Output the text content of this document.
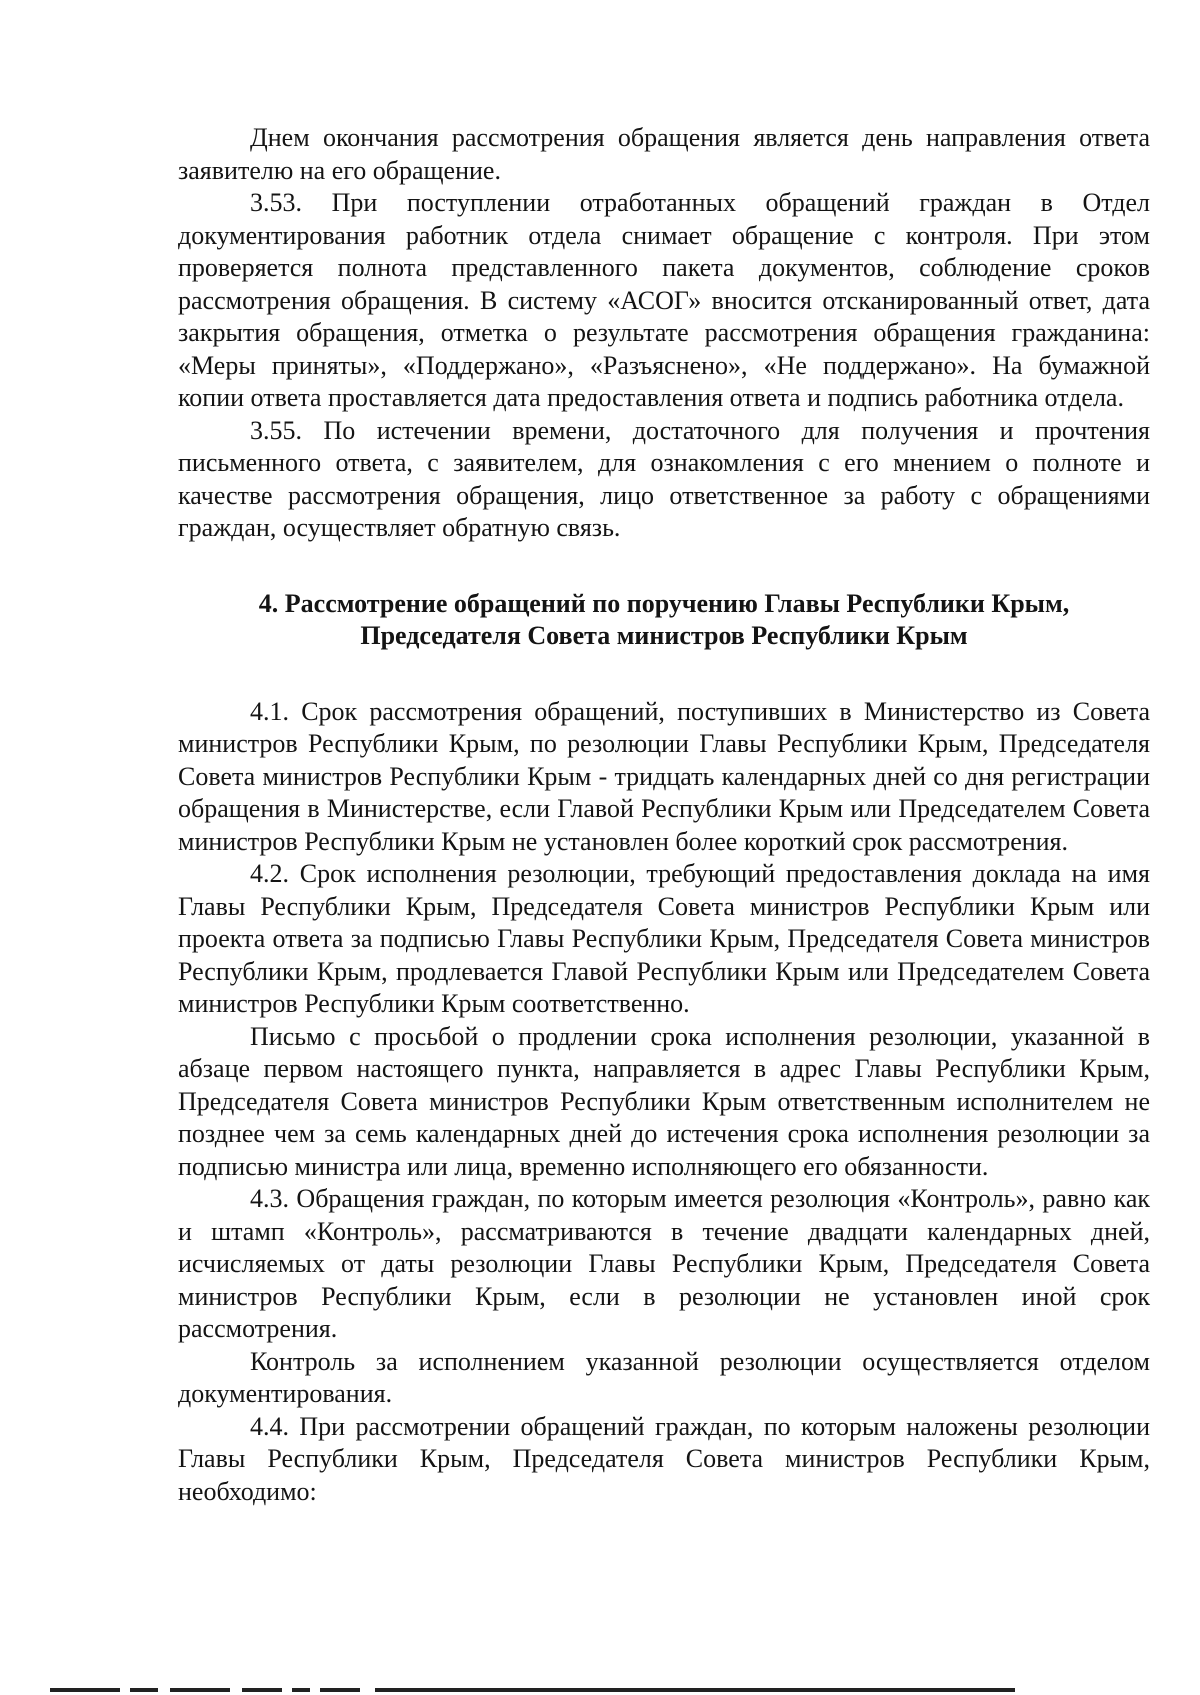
Днем окончания рассмотрения обращения является день направления ответа заявителю на его обращение.

3.53. При поступлении отработанных обращений граждан в Отдел документирования работник отдела снимает обращение с контроля. При этом проверяется полнота представленного пакета документов, соблюдение сроков рассмотрения обращения. В систему «АСОГ» вносится отсканированный ответ, дата закрытия обращения, отметка о результате рассмотрения обращения гражданина: «Меры приняты», «Поддержано», «Разъяснено», «Не поддержано». На бумажной копии ответа проставляется дата предоставления ответа и подпись работника отдела.

3.55. По истечении времени, достаточного для получения и прочтения письменного ответа, с заявителем, для ознакомления с его мнением о полноте и качестве рассмотрения обращения, лицо ответственное за работу с обращениями граждан, осуществляет обратную связь.

4. Рассмотрение обращений по поручению Главы Республики Крым,
Председателя Совета министров Республики Крым

4.1. Срок рассмотрения обращений, поступивших в Министерство из Совета министров Республики Крым, по резолюции Главы Республики Крым, Председателя Совета министров Республики Крым - тридцать календарных дней со дня регистрации обращения в Министерстве, если Главой Республики Крым или Председателем Совета министров Республики Крым не установлен более короткий срок рассмотрения.

4.2. Срок исполнения резолюции, требующий предоставления доклада на имя Главы Республики Крым, Председателя Совета министров Республики Крым или проекта ответа за подписью Главы Республики Крым, Председателя Совета министров Республики Крым, продлевается Главой Республики Крым или Председателем Совета министров Республики Крым соответственно.

Письмо с просьбой о продлении срока исполнения резолюции, указанной в абзаце первом настоящего пункта, направляется в адрес Главы Республики Крым, Председателя Совета министров Республики Крым ответственным исполнителем не позднее чем за семь календарных дней до истечения срока исполнения резолюции за подписью министра или лица, временно исполняющего его обязанности.

4.3. Обращения граждан, по которым имеется резолюция «Контроль», равно как и штамп «Контроль», рассматриваются в течение двадцати календарных дней, исчисляемых от даты резолюции Главы Республики Крым, Председателя Совета министров Республики Крым, если в резолюции не установлен иной срок рассмотрения.

Контроль за исполнением указанной резолюции осуществляется отделом документирования.

4.4. При рассмотрении обращений граждан, по которым наложены резолюции Главы Республики Крым, Председателя Совета министров Республики Крым, необходимо:
